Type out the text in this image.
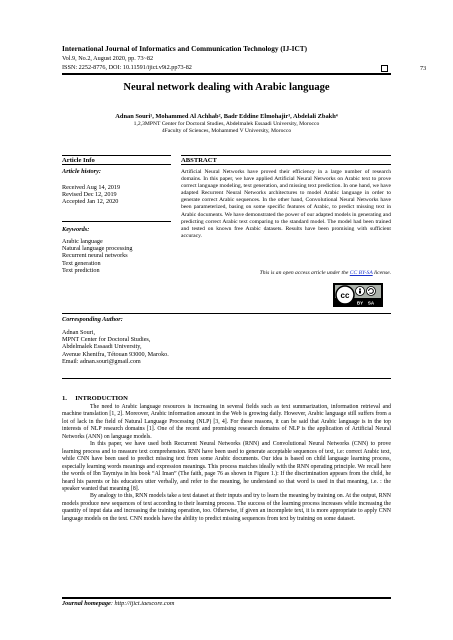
International Journal of Informatics and Communication Technology (IJ-ICT)
Vol.9, No.2, August 2020, pp. 73~82
ISSN: 2252-8776, DOI: 10.11591/ijict.v9i2.pp73-82	73
Neural network dealing with Arabic language
Adnan Souri¹, Mohammed Al Achhab², Badr Eddine Elmohajir³, Abdelali Zbakh⁴
1,2,3MPNT Center for Doctoral Studies, Abdelmalek Essaadi University, Morocco
4Faculty of Sciences, Mohammed V University, Morocco
Article Info
Article history:
Received Aug 14, 2019
Revised Dec 12, 2019
Accepted Jan 12, 2020
Keywords:
Arabic language
Natural language processing
Recurrent neural networks
Text generation
Text prediction
ABSTRACT
Artificial Neural Networks have proved their efficiency in a large number of research domains. In this paper, we have applied Artificial Neural Networks on Arabic text to prove correct language modeling, text generation, and missing text prediction. In one hand, we have adapted Recurrent Neural Networks architectures to model Arabic language in order to generate correct Arabic sequences. In the other hand, Convolutional Neural Networks have been parameterized, basing on some specific features of Arabic, to predict missing text in Arabic documents. We have demonstrated the power of our adapted models in generating and predicting correct Arabic text comparing to the standard model. The model had been trained and tested on known free Arabic datasets. Results have been promising with sufficient accuracy.
This is an open access article under the CC BY-SA license.
cc
BY SA
Corresponding Author:
Adnan Souri,
MPNT Center for Doctoral Studies,
Abdelmalek Essaadi University,
Avenue Khenifra, Tétouan 93000, Maroko.
Email: adnan.souri@gmail.com
1.     INTRODUCTION
The need to Arabic language resources is increasing in several fields such as text summarization, information retrieval and machine translation [1, 2]. Moreover, Arabic information amount in the Web is growing daily. However, Arabic language still suffers from a lot of lack in the field of Natural Language Processing (NLP) [3, 4]. For these reasons, it can be said that Arabic language is in the top interests of NLP research domains [1]. One of the recent and promising research domains of NLP is the application of Artificial Neural Networks (ANN) on language models.
In this paper, we have used both Recurrent Neural Networks (RNN) and Convolutional Neural Networks (CNN) to prove learning process and to measure text comprehension. RNN have been used to generate acceptable sequences of text, i.e: correct Arabic text, while CNN have been used to predict missing text from some Arabic documents. Our idea is based on child language learning process, especially learning words meanings and expression meanings. This process matches ideally with the RNN operating principle. We recall here the words of Ibn Taymiya in his book “Al Iman” (The faith, page 76 as shown in Figure 1.): If the discrimination appears from the child, he heard his parents or his educators utter verbally, and refer to the meaning, he understand so that word is used in that meaning, i.e. : the speaker wanted that meaning [8].
By analogy to this, RNN models take a text dataset at their inputs and try to learn the meaning by training on. At the output, RNN models produce new sequences of text according to their learning process. The success of the learning process increases while increasing the quantity of input data and increasing the training operation, too. Otherwise, if given an incomplete text, it is more appropriate to apply CNN language models on the text. CNN models have the ability to predict missing sequences from text by training on some dataset.
Journal homepage: http://ijict.iaescore.com
